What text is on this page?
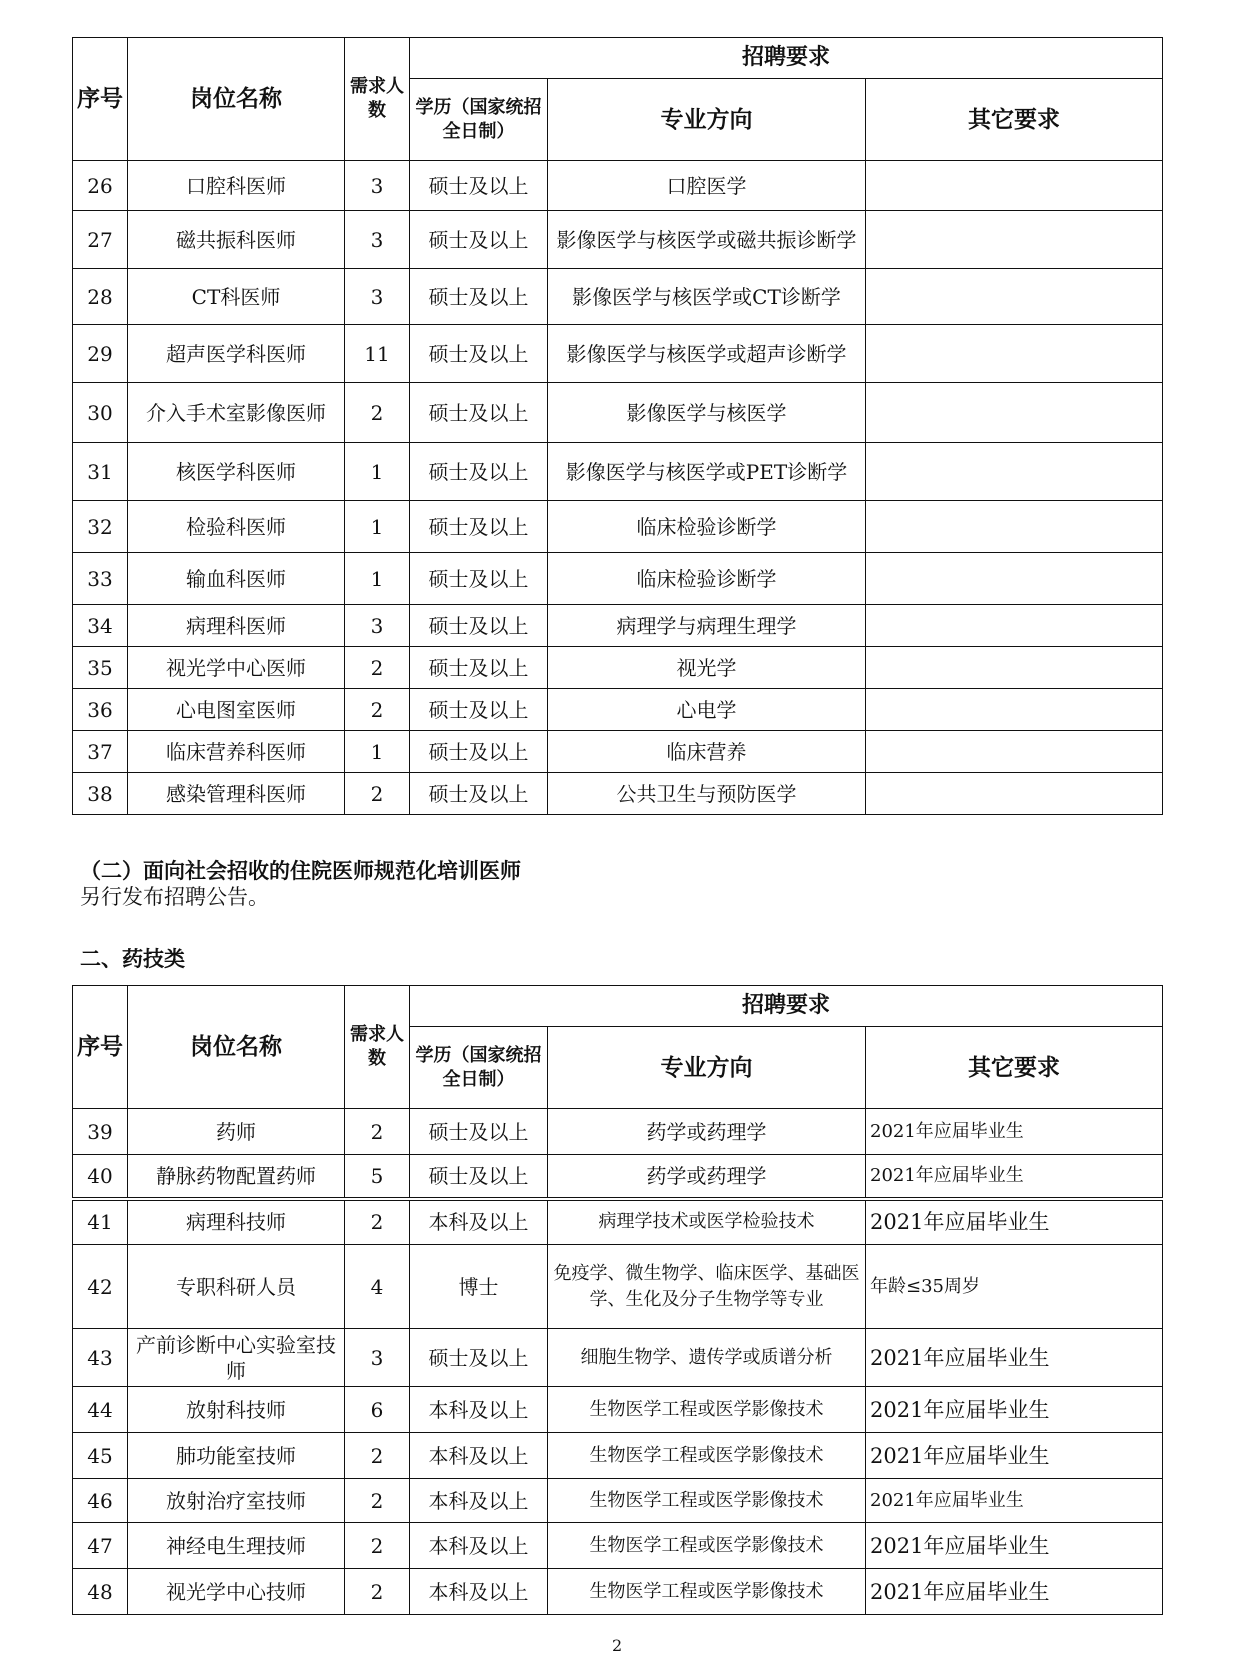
序号	岗位名称	需求人数	招聘要求		
			学历（国家统招全日制）	专业方向	其它要求
26	口腔科医师	3	硕士及以上	口腔医学	
27	磁共振科医师	3	硕士及以上	影像医学与核医学或磁共振诊断学	
28	CT科医师	3	硕士及以上	影像医学与核医学或CT诊断学	
29	超声医学科医师	11	硕士及以上	影像医学与核医学或超声诊断学	
30	介入手术室影像医师	2	硕士及以上	影像医学与核医学	
31	核医学科医师	1	硕士及以上	影像医学与核医学或PET诊断学	
32	检验科医师	1	硕士及以上	临床检验诊断学	
33	输血科医师	1	硕士及以上	临床检验诊断学	
34	病理科医师	3	硕士及以上	病理学与病理生理学	
35	视光学中心医师	2	硕士及以上	视光学	
36	心电图室医师	2	硕士及以上	心电学	
37	临床营养科医师	1	硕士及以上	临床营养	
38	感染管理科医师	2	硕士及以上	公共卫生与预防医学	
（二）面向社会招收的住院医师规范化培训医师
另行发布招聘公告。
二、药技类
序号	岗位名称	需求人数	招聘要求		
			学历（国家统招全日制）	专业方向	其它要求
39	药师	2	硕士及以上	药学或药理学	2021年应届毕业生
40	静脉药物配置药师	5	硕士及以上	药学或药理学	2021年应届毕业生
41	病理科技师	2	本科及以上	病理学技术或医学检验技术	2021年应届毕业生
42	专职科研人员	4	博士	免疫学、微生物学、临床医学、基础医学、生化及分子生物学等专业	年龄≤35周岁
43	产前诊断中心实验室技师	3	硕士及以上	细胞生物学、遗传学或质谱分析	2021年应届毕业生
44	放射科技师	6	本科及以上	生物医学工程或医学影像技术	2021年应届毕业生
45	肺功能室技师	2	本科及以上	生物医学工程或医学影像技术	2021年应届毕业生
46	放射治疗室技师	2	本科及以上	生物医学工程或医学影像技术	2021年应届毕业生
47	神经电生理技师	2	本科及以上	生物医学工程或医学影像技术	2021年应届毕业生
48	视光学中心技师	2	本科及以上	生物医学工程或医学影像技术	2021年应届毕业生
2
